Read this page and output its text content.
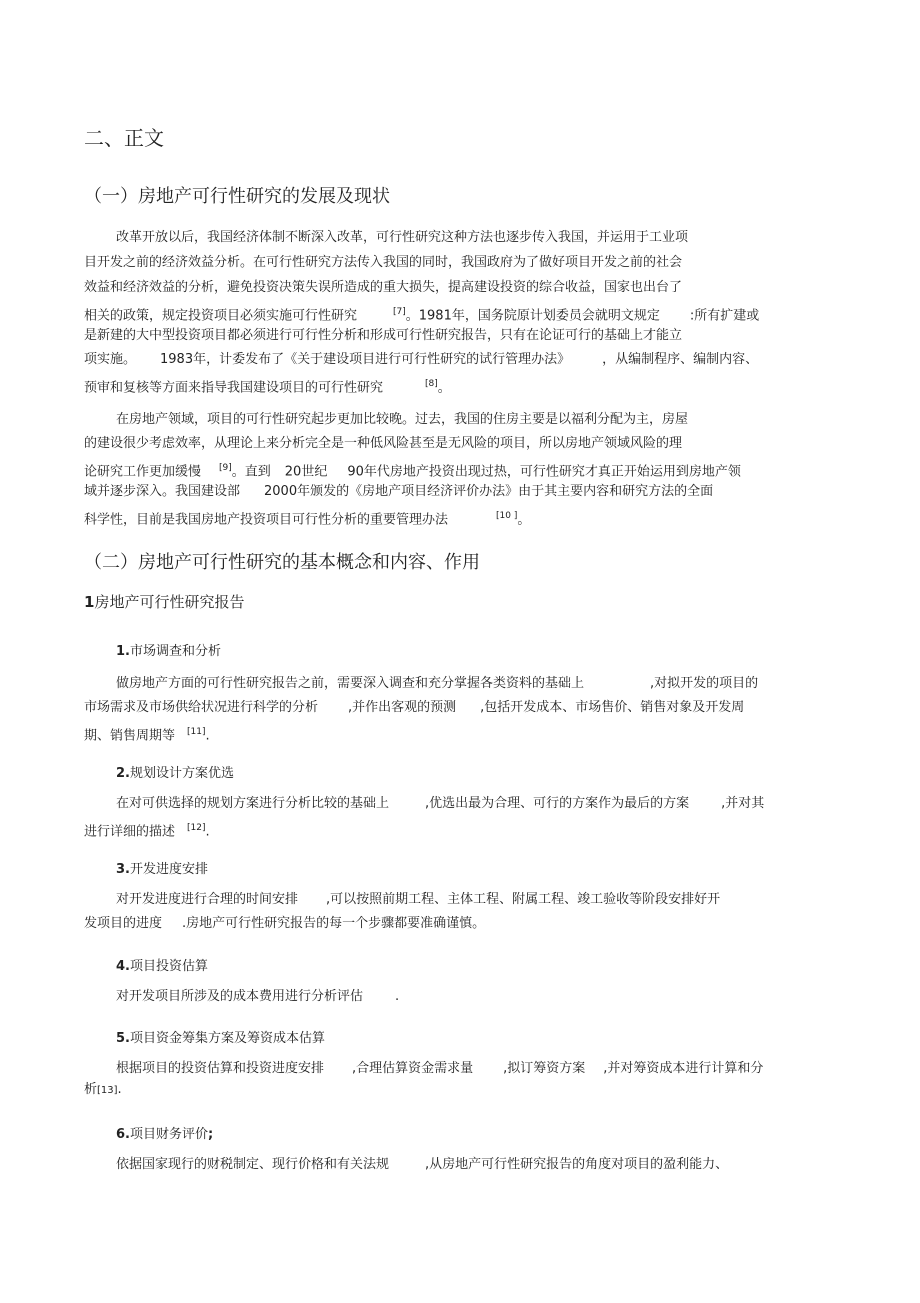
二、正文
（一）房地产可行性研究的发展及现状
改革开放以后，我国经济体制不断深入改革，可行性研究这种方法也逐步传入我国，并运用于工业项
目开发之前的经济效益分析。在可行性研究方法传入我国的同时，我国政府为了做好项目开发之前的社会
效益和经济效益的分析，避免投资决策失误所造成的重大损失，提高建设投资的综合收益，国家也出台了
相关的政策，规定投资项目必须实施可行性研究	[7]。1981年，国务院原计划委员会就明文规定 :所有扩建或
是新建的大中型投资项目都必须进行可行性分析和形成可行性研究报告，只有在论证可行的基础上才能立
项实施。 1983年，计委发布了《关于建设项目进行可行性研究的试行管理办法》 ，从编制程序、编制内容、
预审和复核等方面来指导我国建设项目的可行性研究	[8]。
在房地产领域，项目的可行性研究起步更加比较晚。过去，我国的住房主要是以福利分配为主，房屋
的建设很少考虑效率，从理论上来分析完全是一种低风险甚至是无风险的项目，所以房地产领域风险的理
论研究工作更加缓慢 [9]。直到 20世纪 90年代房地产投资出现过热，可行性研究才真正开始运用到房地产领
域并逐步深入。我国建设部 2000年颁发的《房地产项目经济评价办法》由于其主要内容和研究方法的全面
科学性，目前是我国房地产投资项目可行性分析的重要管理办法	[10 ]。
（二）房地产可行性研究的基本概念和内容、作用
1房地产可行性研究报告
1.市场调查和分析
做房地产方面的可行性研究报告之前，需要深入调查和充分掌握各类资料的基础上	,对拟开发的项目的
市场需求及市场供给状况进行科学的分析 ,并作出客观的预测 ,包括开发成本、市场售价、销售对象及开发周
期、销售周期等 [11].
2.规划设计方案优选
在对可供选择的规划方案进行分析比较的基础上	,优选出最为合理、可行的方案作为最后的方案 ,并对其
进行详细的描述 [12].
3.开发进度安排
对开发进度进行合理的时间安排 ,可以按照前期工程、主体工程、附属工程、竣工验收等阶段安排好开
发项目的进度 .房地产可行性研究报告的每一个步骤都要准确谨慎。
4.项目投资估算
对开发项目所涉及的成本费用进行分析评估 .
5.项目资金筹集方案及筹资成本估算
根据项目的投资估算和投资进度安排 ,合理估算资金需求量 ,拟订筹资方案 ,并对筹资成本进行计算和分
析[13].
6.项目财务评价;
依据国家现行的财税制定、现行价格和有关法规	,从房地产可行性研究报告的角度对项目的盈利能力、
